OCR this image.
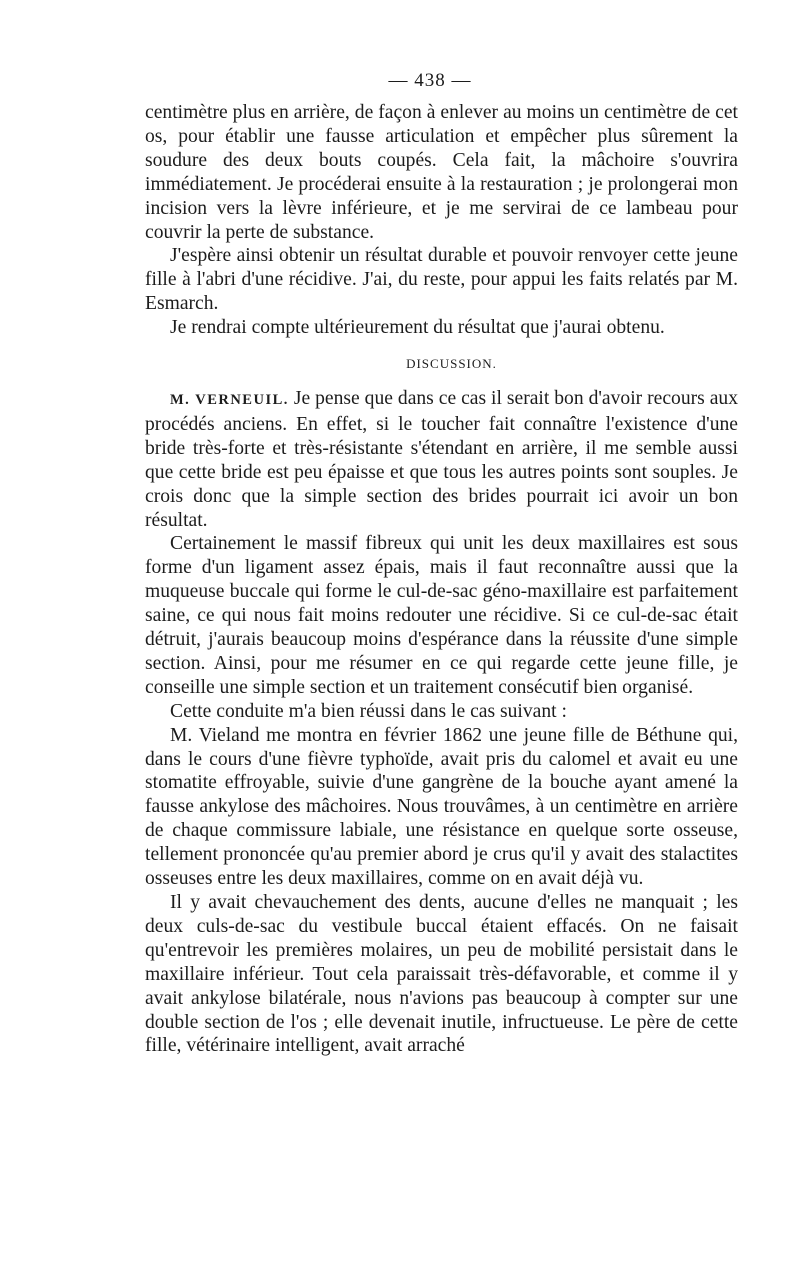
— 438 —

centimètre plus en arrière, de façon à enlever au moins un centimètre de cet os, pour établir une fausse articulation et empêcher plus sûrement la soudure des deux bouts coupés. Cela fait, la mâchoire s'ouvrira immédiatement. Je procéderai ensuite à la restauration ; je prolongerai mon incision vers la lèvre inférieure, et je me servirai de ce lambeau pour couvrir la perte de substance.

J'espère ainsi obtenir un résultat durable et pouvoir renvoyer cette jeune fille à l'abri d'une récidive. J'ai, du reste, pour appui les faits relatés par M. Esmarch.

Je rendrai compte ultérieurement du résultat que j'aurai obtenu.

DISCUSSION.

M. VERNEUIL. Je pense que dans ce cas il serait bon d'avoir recours aux procédés anciens. En effet, si le toucher fait connaître l'existence d'une bride très-forte et très-résistante s'étendant en arrière, il me semble aussi que cette bride est peu épaisse et que tous les autres points sont souples. Je crois donc que la simple section des brides pourrait ici avoir un bon résultat.

Certainement le massif fibreux qui unit les deux maxillaires est sous forme d'un ligament assez épais, mais il faut reconnaître aussi que la muqueuse buccale qui forme le cul-de-sac géno-maxillaire est parfaitement saine, ce qui nous fait moins redouter une récidive. Si ce cul-de-sac était détruit, j'aurais beaucoup moins d'espérance dans la réussite d'une simple section. Ainsi, pour me résumer en ce qui regarde cette jeune fille, je conseille une simple section et un traitement consécutif bien organisé.

Cette conduite m'a bien réussi dans le cas suivant :

M. Vieland me montra en février 1862 une jeune fille de Béthune qui, dans le cours d'une fièvre typhoïde, avait pris du calomel et avait eu une stomatite effroyable, suivie d'une gangrène de la bouche ayant amené la fausse ankylose des mâchoires. Nous trouvâmes, à un centimètre en arrière de chaque commissure labiale, une résistance en quelque sorte osseuse, tellement prononcée qu'au premier abord je crus qu'il y avait des stalactites osseuses entre les deux maxillaires, comme on en avait déjà vu.

Il y avait chevauchement des dents, aucune d'elles ne manquait ; les deux culs-de-sac du vestibule buccal étaient effacés. On ne faisait qu'entrevoir les premières molaires, un peu de mobilité persistait dans le maxillaire inférieur. Tout cela paraissait très-défavorable, et comme il y avait ankylose bilatérale, nous n'avions pas beaucoup à compter sur une double section de l'os ; elle devenait inutile, infructueuse. Le père de cette fille, vétérinaire intelligent, avait arraché
